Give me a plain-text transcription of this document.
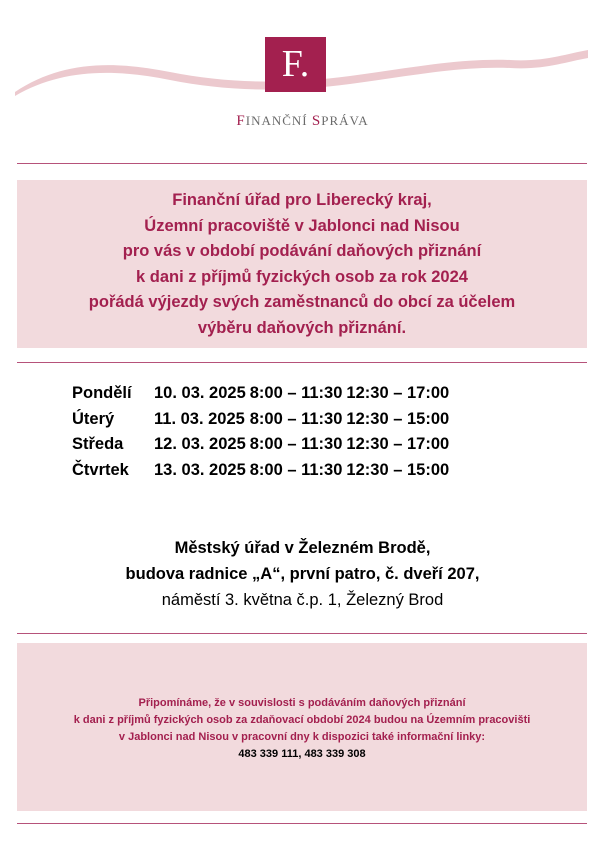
F.
FINANČNÍ SPRÁVA
Finanční úřad pro Liberecký kraj,
Územní pracoviště v Jablonci nad Nisou
pro vás v období podávání daňových přiznání
k dani z příjmů fyzických osob za rok 2024
pořádá výjezdy svých zaměstnanců do obcí za účelem
výběru daňových přiznání.
Pondělí	10. 03. 2025	8:00 – 11:30	12:30 – 17:00
Úterý	11. 03. 2025	8:00 – 11:30	12:30 – 15:00
Středa	12. 03. 2025	8:00 – 11:30	12:30 – 17:00
Čtvrtek	13. 03. 2025	8:00 – 11:30	12:30 – 15:00
Městský úřad v Železném Brodě,
budova radnice „A“, první patro, č. dveří 207,
náměstí 3. května č.p. 1, Železný Brod
Připomínáme, že v souvislosti s podáváním daňových přiznání
k dani z příjmů fyzických osob za zdaňovací období 2024 budou na Územním pracovišti
v Jablonci nad Nisou v pracovní dny k dispozici také informační linky:
483 339 111, 483 339 308
